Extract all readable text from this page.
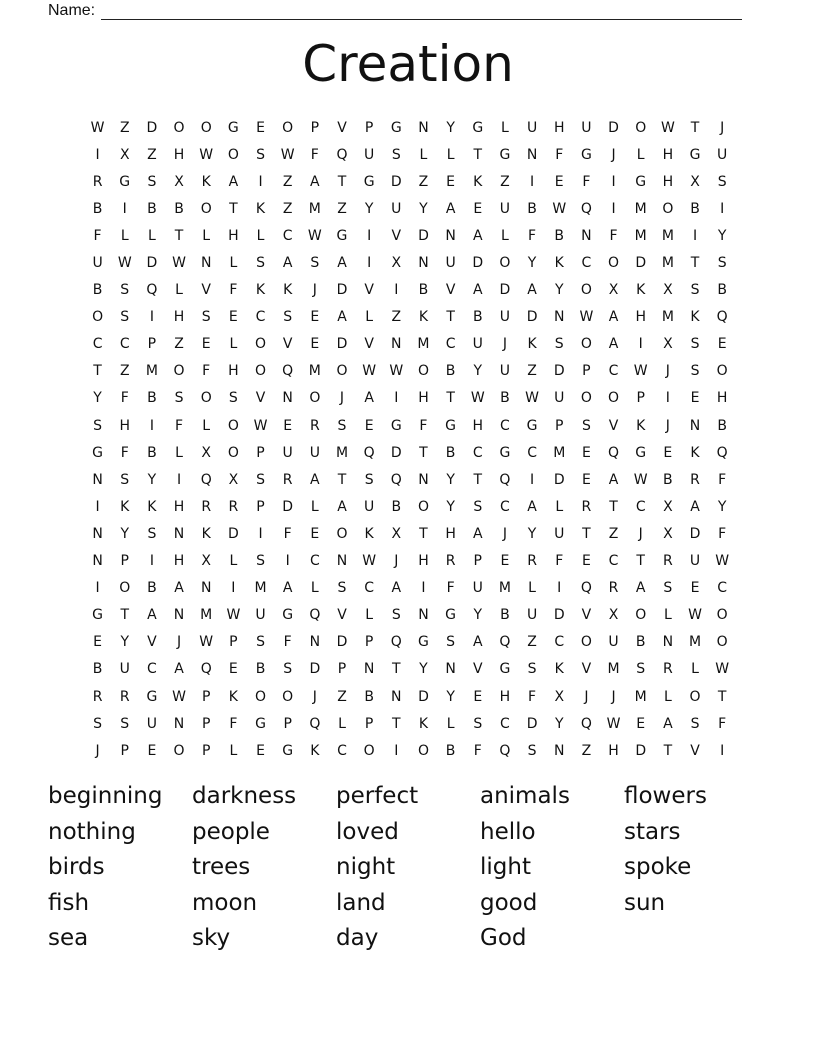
Name:
Creation
W	Z	D	O	O	G	E	O	P	V	P	G	N	Y	G	L	U	H	U	D	O	W	T	J
I	X	Z	H	W	O	S	W	F	Q	U	S	L	L	T	G	N	F	G	J	L	H	G	U
R	G	S	X	K	A	I	Z	A	T	G	D	Z	E	K	Z	I	E	F	I	G	H	X	S
B	I	B	B	O	T	K	Z	M	Z	Y	U	Y	A	E	U	B	W	Q	I	M	O	B	I
F	L	L	T	L	H	L	C	W	G	I	V	D	N	A	L	F	B	N	F	M	M	I	Y
U	W	D	W	N	L	S	A	S	A	I	X	N	U	D	O	Y	K	C	O	D	M	T	S
B	S	Q	L	V	F	K	K	J	D	V	I	B	V	A	D	A	Y	O	X	K	X	S	B
O	S	I	H	S	E	C	S	E	A	L	Z	K	T	B	U	D	N	W	A	H	M	K	Q
C	C	P	Z	E	L	O	V	E	D	V	N	M	C	U	J	K	S	O	A	I	X	S	E
T	Z	M	O	F	H	O	Q	M	O	W W	O	B	Y	U	Z	D	P	C	W	J	S	O
Y	F	B	S	O	S	V	N	O	J	A	I	H	T	W	B	W	U	O	O	P	I	E	H
S	H	I	F	L	O	W	E	R	S	E	G	F	G	H	C	G	P	S	V	K	J	N	B
G	F	B	L	X	O	P	U	U	M	Q	D	T	B	C	G	C	M	E	Q	G	E	K	Q
N	S	Y	I	Q	X	S	R	A	T	S	Q	N	Y	T	Q	I	D	E	A	W	B	R	F
I	K	K	H	R	R	P	D	L	A	U	B	O	Y	S	C	A	L	R	T	C	X	A	Y
N	Y	S	N	K	D	I	F	E	O	K	X	T	H	A	J	Y	U	T	Z	J	X	D	F
N	P	I	H	X	L	S	I	C	N	W	J	H	R	P	E	R	F	E	C	T	R	U	W
I	O	B	A	N	I	M	A	L	S	C	A	I	F	U	M	L	I	Q	R	A	S	E	C
G	T	A	N	M	W	U	G	Q	V	L	S	N	G	Y	B	U	D	V	X	O	L	W	O
E	Y	V	J	W	P	S	F	N	D	P	Q	G	S	A	Q	Z	C	O	U	B	N	M	O
B	U	C	A	Q	E	B	S	D	P	N	T	Y	N	V	G	S	K	V	M	S	R	L	W
R	R	G	W	P	K	O	O	J	Z	B	N	D	Y	E	H	F	X	J	J	M	L	O	T
S	S	U	N	P	F	G	P	Q	L	P	T	K	L	S	C	D	Y	Q	W	E	A	S	F
J	P	E	O	P	L	E	G	K	C	O	I	O	B	F	Q	S	N	Z	H	D	T	V	I
beginning	darkness	perfect	animals	flowers
nothing	people	loved	hello	stars
birds	trees	night	light	spoke
fish	moon	land	good	sun
sea	sky	day	God
